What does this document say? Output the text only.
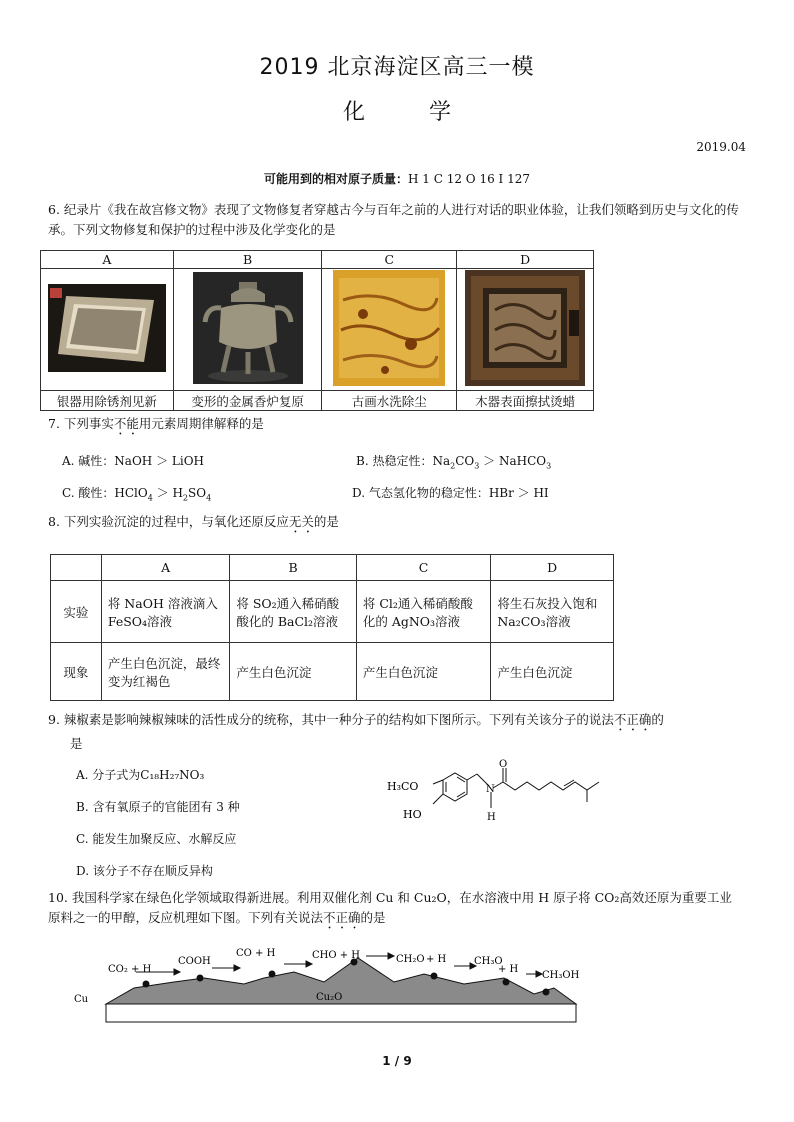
2019 北京海淀区高三一模
化	学
2019.04
可能用到的相对原子质量：H 1 C 12 O 16 I 127
6. 纪录片《我在故宫修文物》表现了文物修复者穿越古今与百年之前的人进行对话的职业体验，让我们领略到历史与文化的传承。下列文物修复和保护的过程中涉及化学变化的是
A	B	C	D

银器用除锈剂见新	变形的金属香炉复原	古画水洗除尘	木器表面擦拭烫蜡
7. 下列事实不能用元素周期律解释的是
A. 碱性：NaOH ＞ LiOH	B. 热稳定性：$Na_2CO_3$ ＞ NaHCO$_3$
C. 酸性：HClO$_4$ ＞ $H_2SO_4$	D. 气态氢化物的稳定性：HBr ＞ HI
8. 下列实验沉淀的过程中，与氧化还原反应无关的是
	A	B	C	D
实验	将 NaOH 溶液滴入FeSO₄溶液	将 SO₂通入稀硝酸酸化的 BaCl₂溶液	将 Cl₂通入稀硝酸酸化的 AgNO₃溶液	将生石灰投入饱和 Na₂CO₃溶液
现象	产生白色沉淀，最终变为红褐色	产生白色沉淀	产生白色沉淀	产生白色沉淀
9. 辣椒素是影响辣椒辣味的活性成分的统称，其中一种分子的结构如下图所示。下列有关该分子的说法不正确的
是
A. 分子式为C₁₈H₂₇NO₃
B. 含有氧原子的官能团有 3 种
C. 能发生加聚反应、水解反应
D. 该分子不存在顺反异构
H₃CO
HO
O
N
H
10. 我国科学家在绿色化学领域取得新进展。利用双催化剂 Cu 和 Cu₂O，在水溶液中用 H 原子将 CO₂高效还原为重要工业原料之一的甲醇，反应机理如下图。下列有关说法不正确的是
Cu	Cu₂O
CO₂ + H
COOH
CO + H	CHO + H	CH₂O + H	CH₃O
+ H
CH₃OH
1 / 9
